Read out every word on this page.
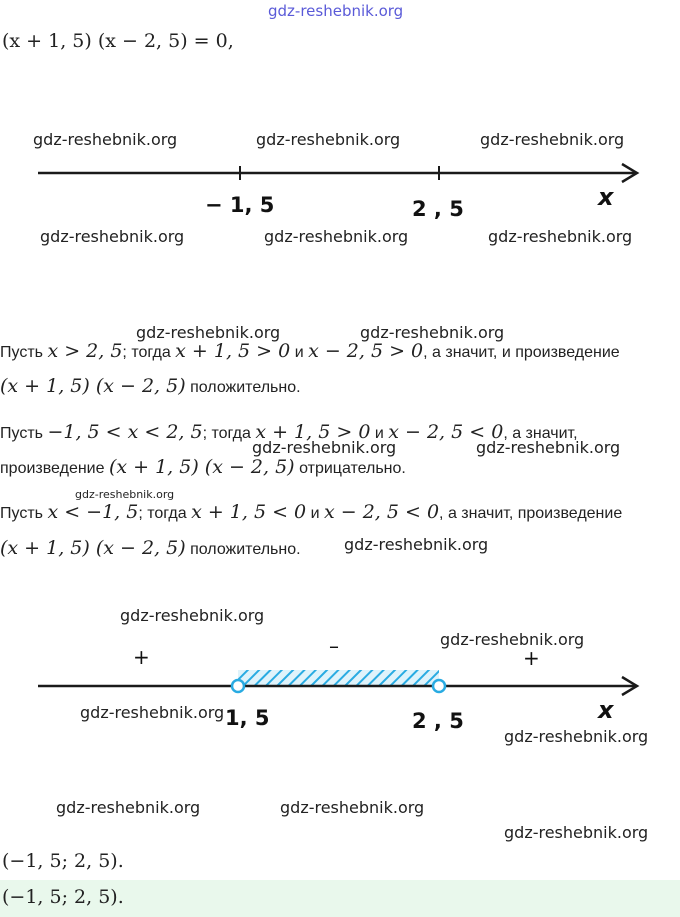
gdz-reshebnik.org
(x + 1, 5) (x − 2, 5) = 0,
gdz-reshebnik.org	gdz-reshebnik.org	gdz-reshebnik.org
− 1, 5	2 , 5	x
gdz-reshebnik.org	gdz-reshebnik.org	gdz-reshebnik.org
gdz-reshebnik.org	gdz-reshebnik.org
Пусть x > 2, 5; тогда x + 1, 5 > 0 и x − 2, 5 > 0, а значит, и произведение
(x + 1, 5) (x − 2, 5) положительно.
Пусть −1, 5 < x < 2, 5; тогда x + 1, 5 > 0 и x − 2, 5 < 0, а значит,
gdz-reshebnik.org	gdz-reshebnik.org
произведение (x + 1, 5) (x − 2, 5) отрицательно.
gdz-reshebnik.org
Пусть x < −1, 5; тогда x + 1, 5 < 0 и x − 2, 5 < 0, а значит, произведение
(x + 1, 5) (x − 2, 5) положительно.	gdz-reshebnik.org
gdz-reshebnik.org
gdz-reshebnik.org
+	–	+
gdz-reshebnik.org 1, 5	2 , 5	x
gdz-reshebnik.org
gdz-reshebnik.org	gdz-reshebnik.org
gdz-reshebnik.org
(−1, 5; 2, 5).
(−1, 5; 2, 5).
